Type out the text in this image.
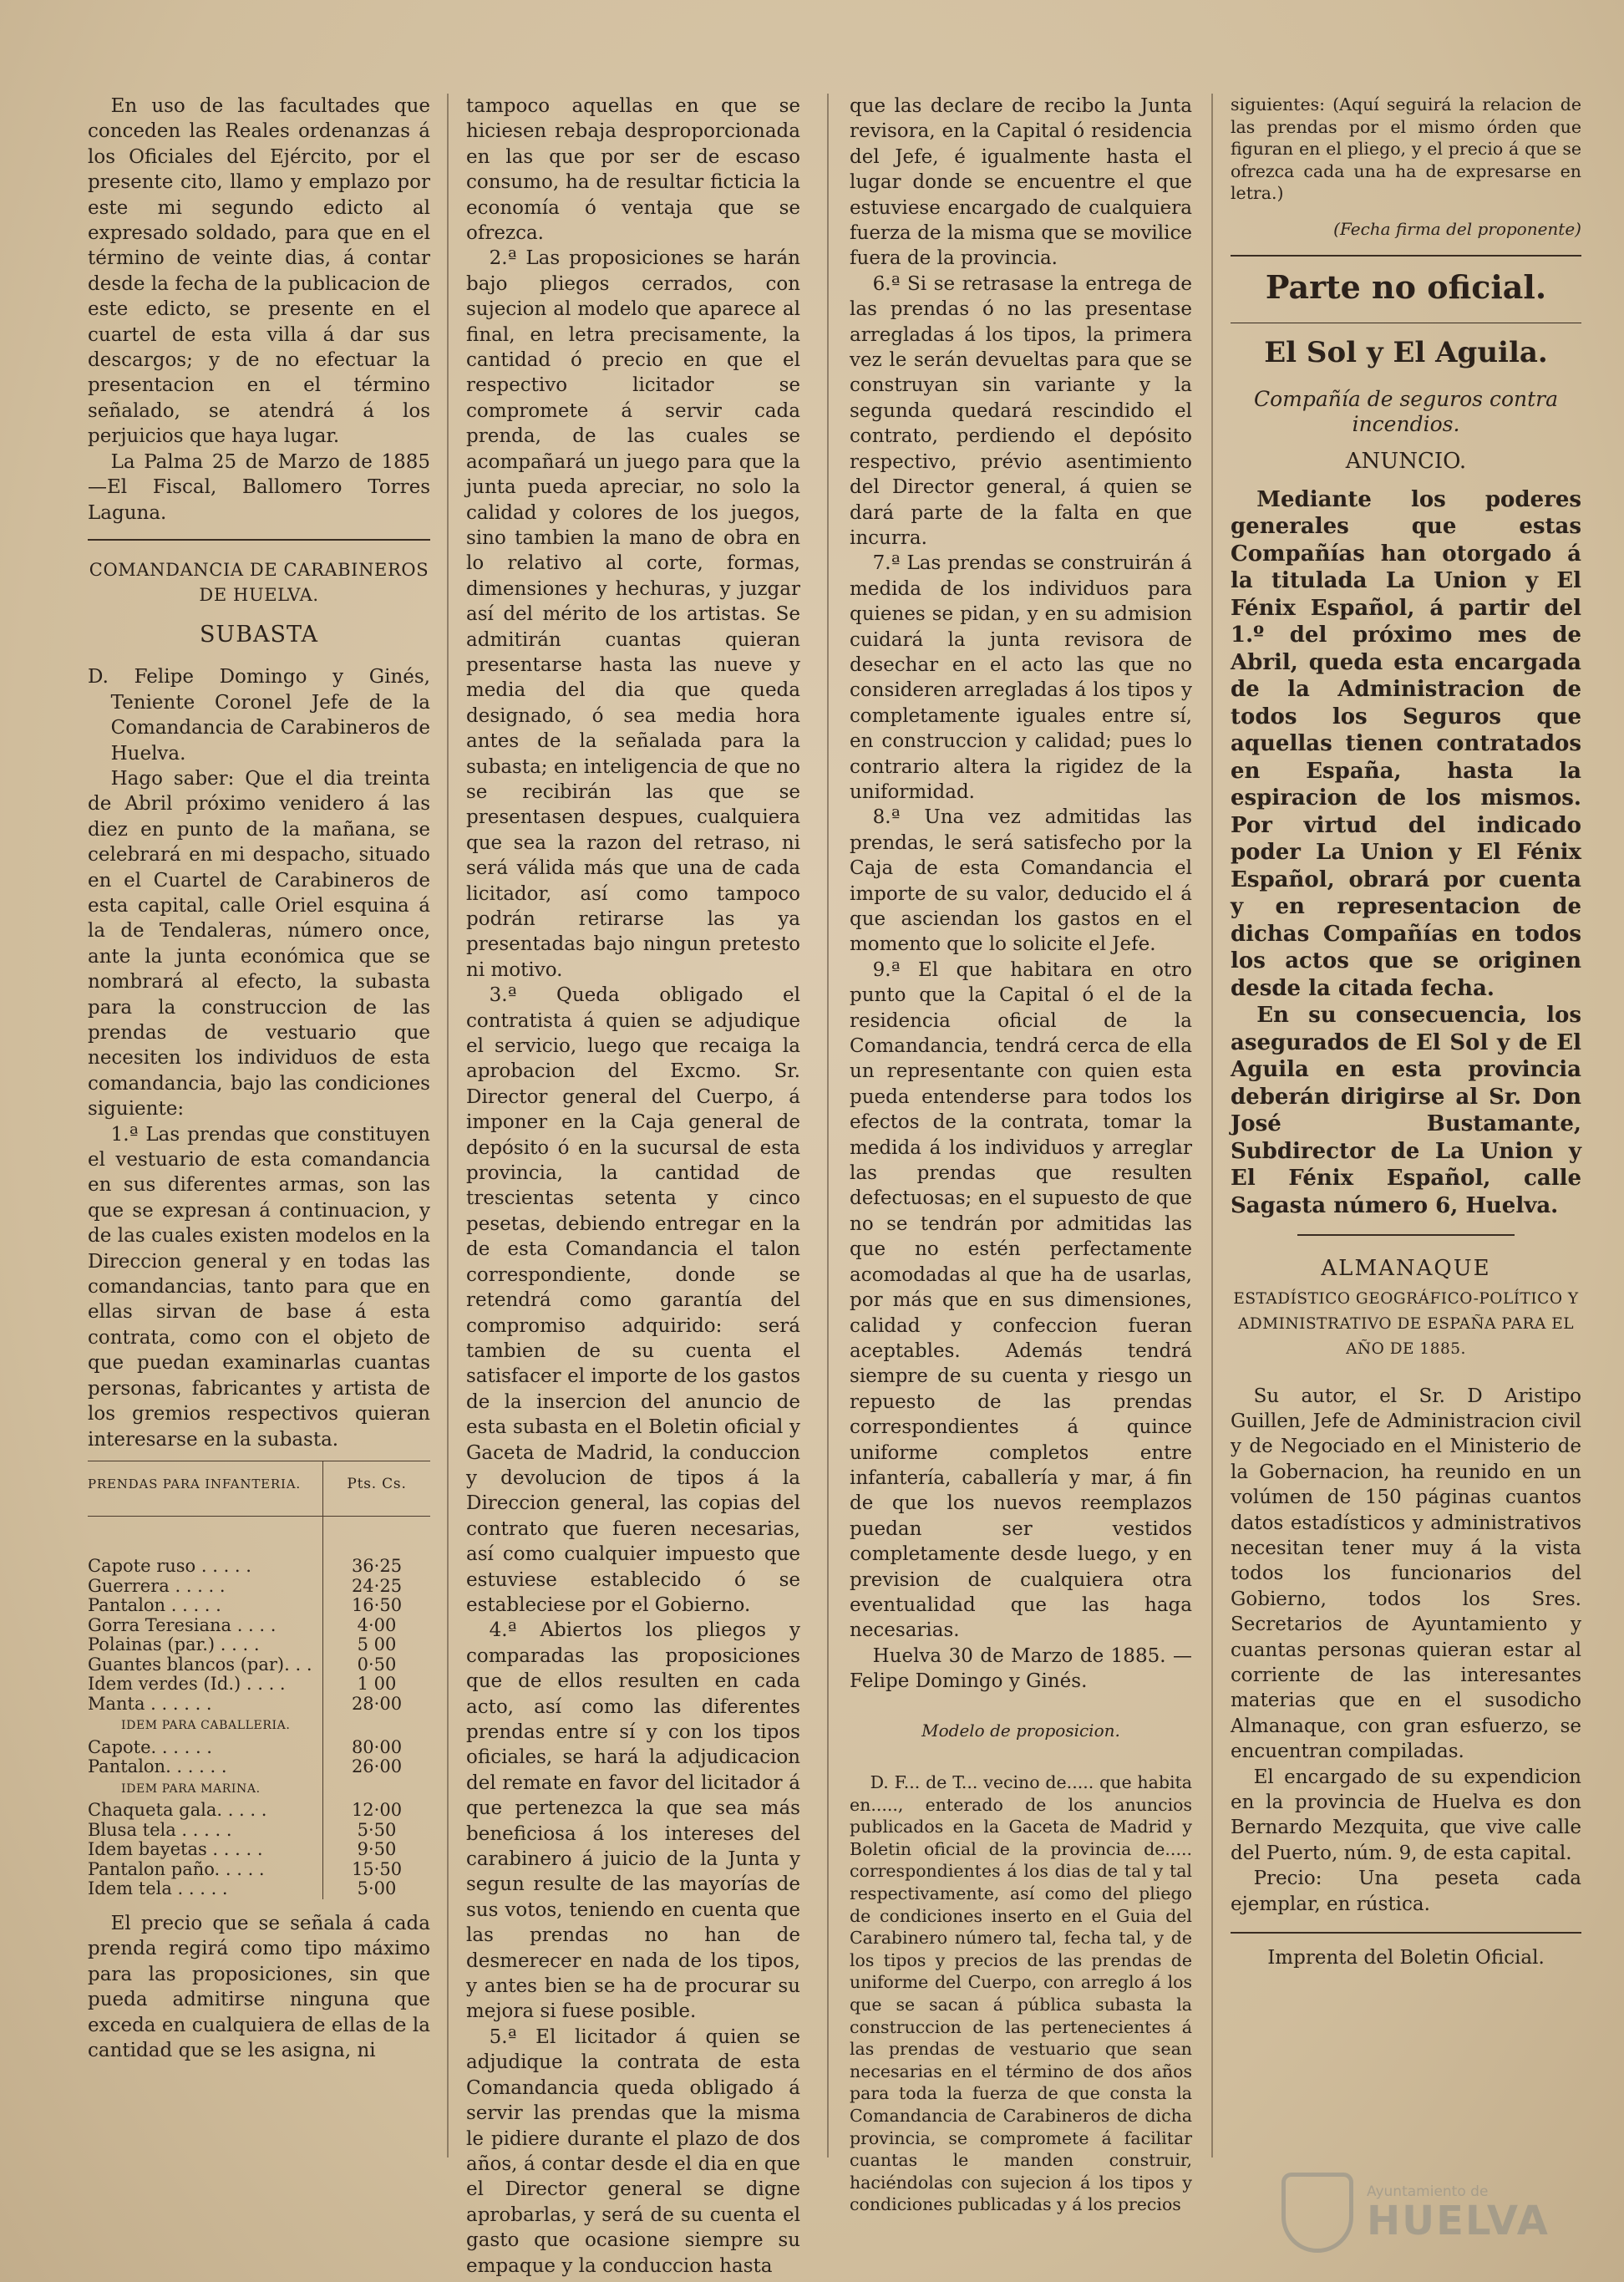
En uso de las facultades que conceden las Reales ordenanzas á los Oficiales del Ejército, por el presente cito, llamo y emplazo por este mi segundo edicto al expresado soldado, para que en el término de veinte dias, á contar desde la fecha de la publicacion de este edicto, se presente en el cuartel de esta villa á dar sus descargos; y de no efectuar la presentacion en el término señalado, se atendrá á los perjuicios que haya lugar.

La Palma 25 de Marzo de 1885 —El Fiscal, Ballomero Torres Laguna.

COMANDANCIA DE CARABINEROS DE HUELVA.
SUBASTA

D. Felipe Domingo y Ginés, Teniente Coronel Jefe de la Comandancia de Carabineros de Huelva.

Hago saber: Que el dia treinta de Abril próximo venidero á las diez en punto de la mañana, se celebrará en mi despacho, situado en el Cuartel de Carabineros de esta capital, calle Oriel esquina á la de Tendaleras, número once, ante la junta económica que se nombrará al efecto, la subasta para la construccion de las prendas de vestuario que necesiten los individuos de esta comandancia, bajo las condiciones siguiente:

1.ª Las prendas que constituyen el vestuario de esta comandancia en sus diferentes armas, son las que se expresan á continuacion, y de las cuales existen modelos en la Direccion general y en todas las comandancias, tanto para que en ellas sirvan de base á esta contrata, como con el objeto de que puedan examinarlas cuantas personas, fabricantes y artista de los gremios respectivos quieran interesarse en la subasta.

PRENDAS PARA INFANTERIA.	Pts. Cs.
Capote ruso . . . . .	36·25
Guerrera . . . . .	24·25
Pantalon . . . . .	16·50
Gorra Teresiana . . . .	4·00
Polainas (par.) . . . .	5 00
Guantes blancos (par). . .	0·50
Idem verdes (Id.) . . . .	1 00
Manta . . . . . .	28·00
IDEM PARA CABALLERIA.	
Capote. . . . . .	80·00
Pantalon. . . . . .	26·00
IDEM PARA MARINA.	
Chaqueta gala. . . . .	12·00
Blusa tela . . . . .	5·50
Idem bayetas . . . . .	9·50
Pantalon paño. . . . .	15·50
Idem tela . . . . .	5·00

El precio que se señala á cada prenda regirá como tipo máximo para las proposiciones, sin que pueda admitirse ninguna que exceda en cualquiera de ellas de la cantidad que se les asigna, ni

tampoco aquellas en que se hiciesen rebaja desproporcionada en las que por ser de escaso consumo, ha de resultar ficticia la economía ó ventaja que se ofrezca.

2.ª Las proposiciones se harán bajo pliegos cerrados, con sujecion al modelo que aparece al final, en letra precisamente, la cantidad ó precio en que el respectivo licitador se compromete á servir cada prenda, de las cuales se acompañará un juego para que la junta pueda apreciar, no solo la calidad y colores de los juegos, sino tambien la mano de obra en lo relativo al corte, formas, dimensiones y hechuras, y juzgar así del mérito de los artistas. Se admitirán cuantas quieran presentarse hasta las nueve y media del dia que queda designado, ó sea media hora antes de la señalada para la subasta; en inteligencia de que no se recibirán las que se presentasen despues, cualquiera que sea la razon del retraso, ni será válida más que una de cada licitador, así como tampoco podrán retirarse las ya presentadas bajo ningun pretesto ni motivo.

3.ª Queda obligado el contratista á quien se adjudique el servicio, luego que recaiga la aprobacion del Excmo. Sr. Director general del Cuerpo, á imponer en la Caja general de depósito ó en la sucursal de esta provincia, la cantidad de trescientas setenta y cinco pesetas, debiendo entregar en la de esta Comandancia el talon correspondiente, donde se retendrá como garantía del compromiso adquirido: será tambien de su cuenta el satisfacer el importe de los gastos de la insercion del anuncio de esta subasta en el Boletin oficial y Gaceta de Madrid, la conduccion y devolucion de tipos á la Direccion general, las copias del contrato que fueren necesarias, así como cualquier impuesto que estuviese establecido ó se estableciese por el Gobierno.

4.ª Abiertos los pliegos y comparadas las proposiciones que de ellos resulten en cada acto, así como las diferentes prendas entre sí y con los tipos oficiales, se hará la adjudicacion del remate en favor del licitador á que pertenezca la que sea más beneficiosa á los intereses del carabinero á juicio de la Junta y segun resulte de las mayorías de sus votos, teniendo en cuenta que las prendas no han de desmerecer en nada de los tipos, y antes bien se ha de procurar su mejora si fuese posible.

5.ª El licitador á quien se adjudique la contrata de esta Comandancia queda obligado á servir las prendas que la misma le pidiere durante el plazo de dos años, á contar desde el dia en que el Director general se digne aprobarlas, y será de su cuenta el gasto que ocasione siempre su empaque y la conduccion hasta

que las declare de recibo la Junta revisora, en la Capital ó residencia del Jefe, é igualmente hasta el lugar donde se encuentre el que estuviese encargado de cualquiera fuerza de la misma que se movilice fuera de la provincia.

6.ª Si se retrasase la entrega de las prendas ó no las presentase arregladas á los tipos, la primera vez le serán devueltas para que se construyan sin variante y la segunda quedará rescindido el contrato, perdiendo el depósito respectivo, prévio asentimiento del Director general, á quien se dará parte de la falta en que incurra.

7.ª Las prendas se construirán á medida de los individuos para quienes se pidan, y en su admision cuidará la junta revisora de desechar en el acto las que no consideren arregladas á los tipos y completamente iguales entre sí, en construccion y calidad; pues lo contrario altera la rigidez de la uniformidad.

8.ª Una vez admitidas las prendas, le será satisfecho por la Caja de esta Comandancia el importe de su valor, deducido el á que asciendan los gastos en el momento que lo solicite el Jefe.

9.ª El que habitara en otro punto que la Capital ó el de la residencia oficial de la Comandancia, tendrá cerca de ella un representante con quien esta pueda entenderse para todos los efectos de la contrata, tomar la medida á los individuos y arreglar las prendas que resulten defectuosas; en el supuesto de que no se tendrán por admitidas las que no estén perfectamente acomodadas al que ha de usarlas, por más que en sus dimensiones, calidad y confeccion fueran aceptables. Además tendrá siempre de su cuenta y riesgo un repuesto de las prendas correspondientes á quince uniforme completos entre infantería, caballería y mar, á fin de que los nuevos reemplazos puedan ser vestidos completamente desde luego, y en prevision de cualquiera otra eventualidad que las haga necesarias.

Huelva 30 de Marzo de 1885. —Felipe Domingo y Ginés.

Modelo de proposicion.

D. F... de T... vecino de..... que habita en....., enterado de los anuncios publicados en la Gaceta de Madrid y Boletin oficial de la provincia de..... correspondientes á los dias de tal y tal respectivamente, así como del pliego de condiciones inserto en el Guia del Carabinero número tal, fecha tal, y de los tipos y precios de las prendas de uniforme del Cuerpo, con arreglo á los que se sacan á pública subasta la construccion de las pertenecientes á las prendas de vestuario que sean necesarias en el término de dos años para toda la fuerza de que consta la Comandancia de Carabineros de dicha provincia, se compromete á facilitar cuantas le manden construir, haciéndolas con sujecion á los tipos y condiciones publicadas y á los precios

siguientes: (Aquí seguirá la relacion de las prendas por el mismo órden que figuran en el pliego, y el precio á que se ofrezca cada una ha de expresarse en letra.)

(Fecha firma del proponente)
Parte no oficial.
El Sol y El Aguila.
Compañía de seguros contra incendios.
ANUNCIO.

Mediante los poderes generales que estas Compañías han otorgado á la titulada La Union y El Fénix Español, á partir del 1.º del próximo mes de Abril, queda esta encargada de la Administracion de todos los Seguros que aquellas tienen contratados en España, hasta la espiracion de los mismos. Por virtud del indicado poder La Union y El Fénix Español, obrará por cuenta y en representacion de dichas Compañías en todos los actos que se originen desde la citada fecha.

En su consecuencia, los asegurados de El Sol y de El Aguila en esta provincia deberán dirigirse al Sr. Don José Bustamante, Subdirector de La Union y El Fénix Español, calle Sagasta número 6, Huelva.

ALMANAQUE
ESTADÍSTICO GEOGRÁFICO-POLÍTICO Y ADMINISTRATIVO DE ESPAÑA PARA EL AÑO DE 1885.

Su autor, el Sr. D Aristipo Guillen, Jefe de Administracion civil y de Negociado en el Ministerio de la Gobernacion, ha reunido en un volúmen de 150 páginas cuantos datos estadísticos y administrativos necesitan tener muy á la vista todos los funcionarios del Gobierno, todos los Sres. Secretarios de Ayuntamiento y cuantas personas quieran estar al corriente de las interesantes materias que en el susodicho Almanaque, con gran esfuerzo, se encuentran compiladas.

El encargado de su expendicion en la provincia de Huelva es don Bernardo Mezquita, que vive calle del Puerto, núm. 9, de esta capital.

Precio: Una peseta cada ejemplar, en rústica.

Imprenta del Boletin Oficial.
Ayuntamiento de
HUELVA
